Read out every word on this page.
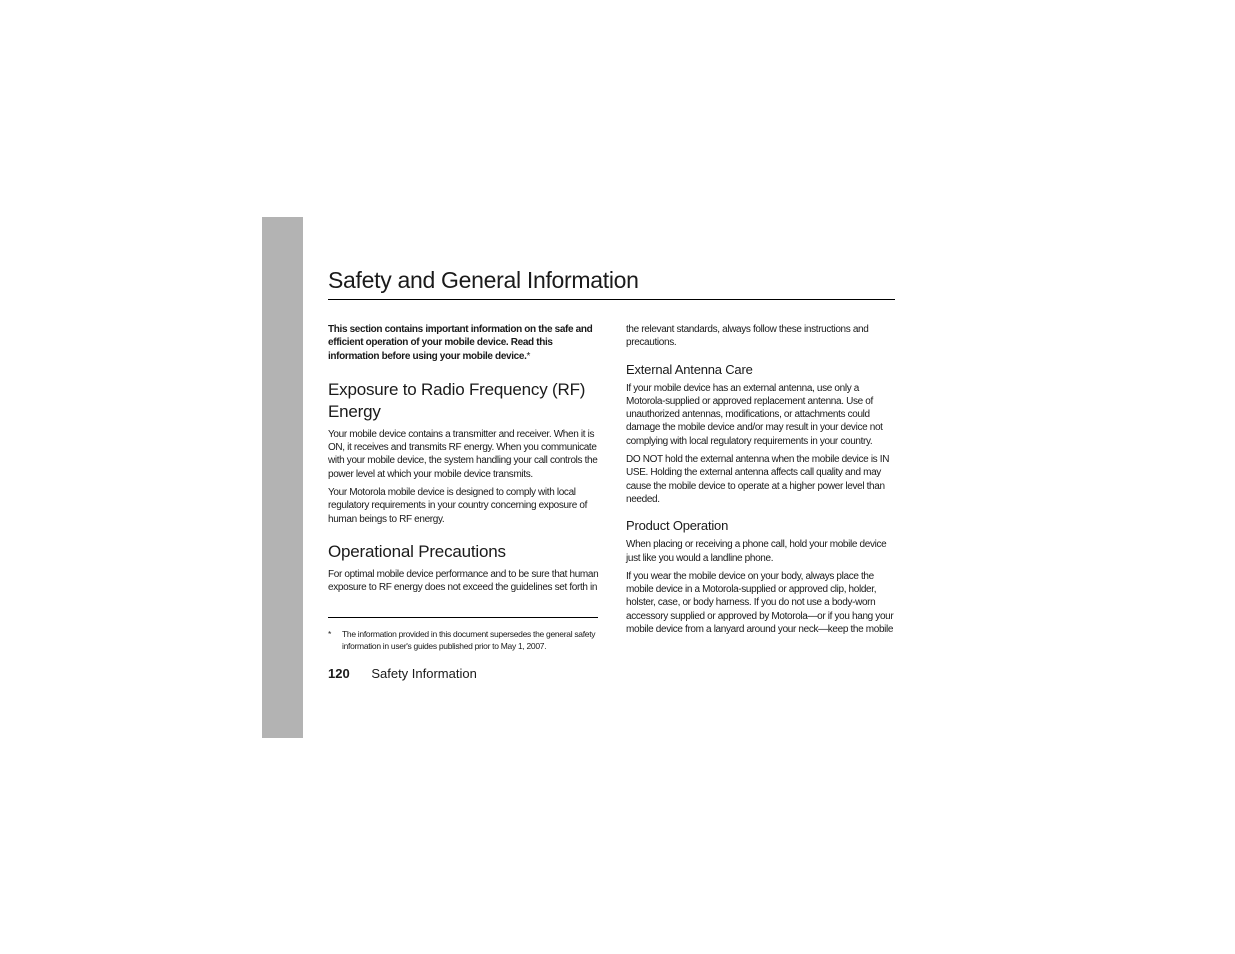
Safety and General Information

This section contains important information on the safe and efficient operation of your mobile device. Read this information before using your mobile device.*

Exposure to Radio Frequency (RF) Energy

Your mobile device contains a transmitter and receiver. When it is ON, it receives and transmits RF energy. When you communicate with your mobile device, the system handling your call controls the power level at which your mobile device transmits.

Your Motorola mobile device is designed to comply with local regulatory requirements in your country concerning exposure of human beings to RF energy.

Operational Precautions

For optimal mobile device performance and to be sure that human exposure to RF energy does not exceed the guidelines set forth in

the relevant standards, always follow these instructions and precautions.

External Antenna Care

If your mobile device has an external antenna, use only a Motorola-supplied or approved replacement antenna. Use of unauthorized antennas, modifications, or attachments could damage the mobile device and/or may result in your device not complying with local regulatory requirements in your country.

DO NOT hold the external antenna when the mobile device is IN USE. Holding the external antenna affects call quality and may cause the mobile device to operate at a higher power level than needed.

Product Operation

When placing or receiving a phone call, hold your mobile device just like you would a landline phone.

If you wear the mobile device on your body, always place the mobile device in a Motorola-supplied or approved clip, holder, holster, case, or body harness. If you do not use a body-worn accessory supplied or approved by Motorola—or if you hang your mobile device from a lanyard around your neck—keep the mobile

*	The information provided in this document supersedes the general safety information in user's guides published prior to May 1, 2007.
120 Safety Information
